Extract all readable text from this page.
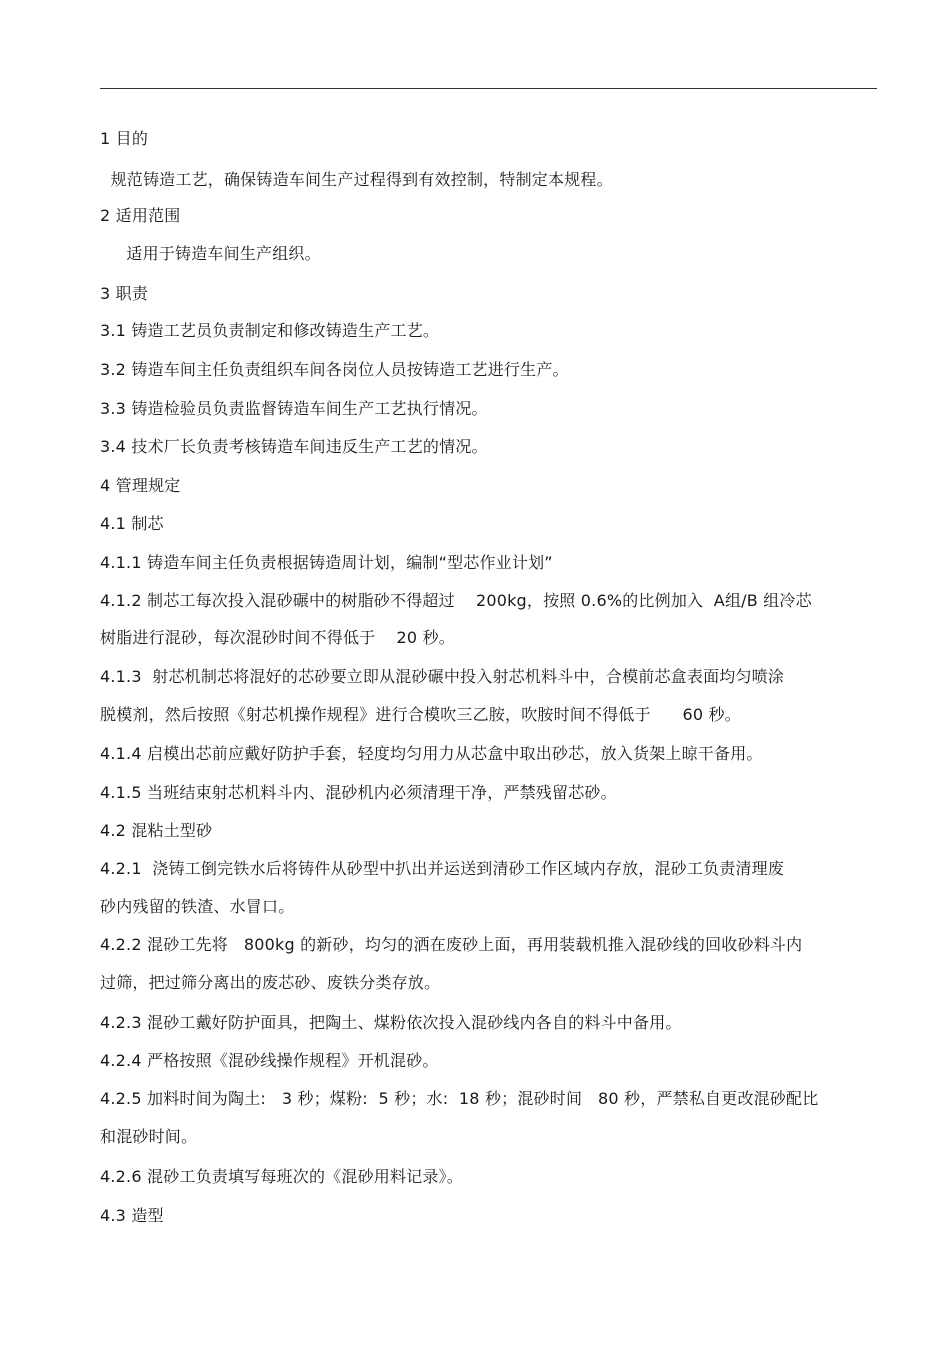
1 目的
规范铸造工艺，确保铸造车间生产过程得到有效控制，特制定本规程。
2 适用范围
适用于铸造车间生产组织。
3 职责
3.1 铸造工艺员负责制定和修改铸造生产工艺。
3.2 铸造车间主任负责组织车间各岗位人员按铸造工艺进行生产。
3.3 铸造检验员负责监督铸造车间生产工艺执行情况。
3.4 技术厂长负责考核铸造车间违反生产工艺的情况。
4 管理规定
4.1 制芯
4.1.1 铸造车间主任负责根据铸造周计划，编制“型芯作业计划”
4.1.2 制芯工每次投入混砂碾中的树脂砂不得超过    200kg，按照 0.6%的比例加入  A组/B 组冷芯
树脂进行混砂，每次混砂时间不得低于    20 秒。
4.1.3  射芯机制芯将混好的芯砂要立即从混砂碾中投入射芯机料斗中，合模前芯盒表面均匀喷涂
脱模剂，然后按照《射芯机操作规程》进行合模吹三乙胺，吹胺时间不得低于      60 秒。
4.1.4 启模出芯前应戴好防护手套，轻度均匀用力从芯盒中取出砂芯，放入货架上晾干备用。
4.1.5 当班结束射芯机料斗内、混砂机内必须清理干净，严禁残留芯砂。
4.2 混粘土型砂
4.2.1  浇铸工倒完铁水后将铸件从砂型中扒出并运送到清砂工作区域内存放，混砂工负责清理废
砂内残留的铁渣、水冒口。
4.2.2 混砂工先将   800kg 的新砂，均匀的洒在废砂上面，再用装载机推入混砂线的回收砂料斗内
过筛，把过筛分离出的废芯砂、废铁分类存放。
4.2.3 混砂工戴好防护面具，把陶土、煤粉依次投入混砂线内各自的料斗中备用。
4.2.4 严格按照《混砂线操作规程》开机混砂。
4.2.5 加料时间为陶土:   3 秒；煤粉:  5 秒；水:  18 秒；混砂时间   80 秒，严禁私自更改混砂配比
和混砂时间。
4.2.6 混砂工负责填写每班次的《混砂用料记录》。
4.3 造型
